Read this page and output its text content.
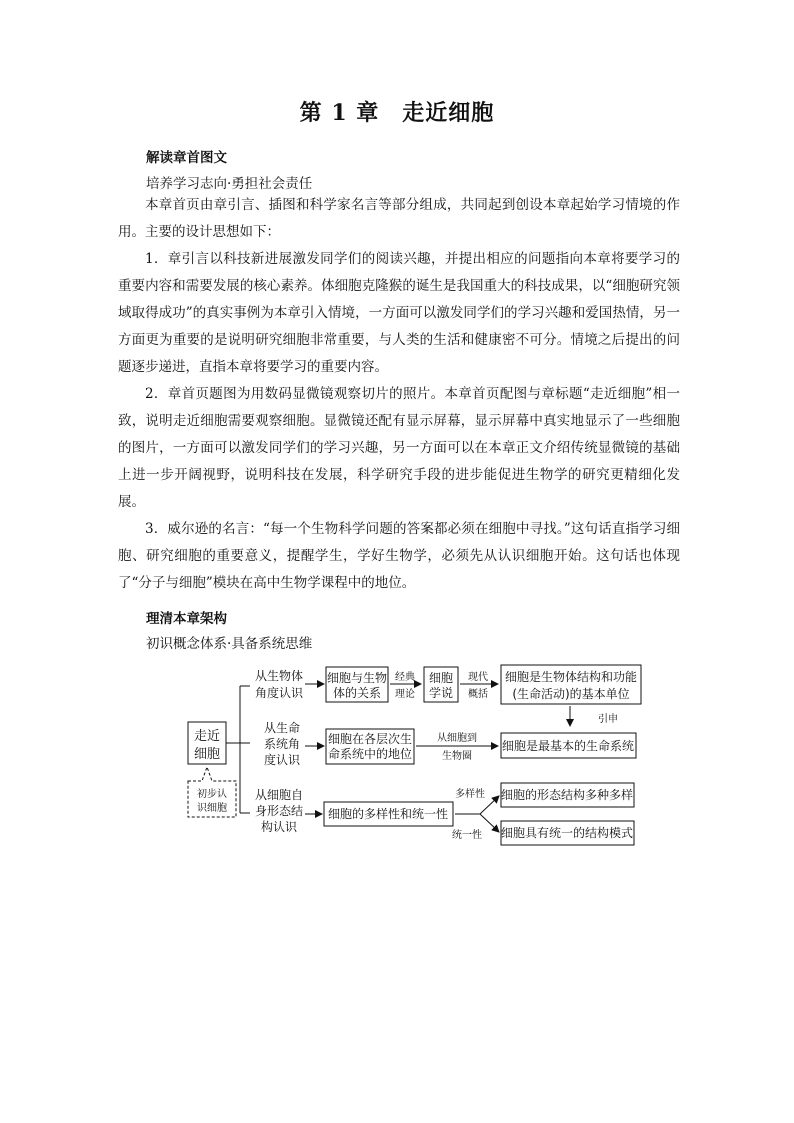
第 1 章　走近细胞
解读章首图文
培养学习志向·勇担社会责任

本章首页由章引言、插图和科学家名言等部分组成，共同起到创设本章起始学习情境的作用。主要的设计思想如下：

1．章引言以科技新进展激发同学们的阅读兴趣，并提出相应的问题指向本章将要学习的重要内容和需要发展的核心素养。体细胞克隆猴的诞生是我国重大的科技成果，以“细胞研究领域取得成功”的真实事例为本章引入情境，一方面可以激发同学们的学习兴趣和爱国热情，另一方面更为重要的是说明研究细胞非常重要，与人类的生活和健康密不可分。情境之后提出的问题逐步递进，直指本章将要学习的重要内容。

2．章首页题图为用数码显微镜观察切片的照片。本章首页配图与章标题“走近细胞”相一致，说明走近细胞需要观察细胞。显微镜还配有显示屏幕，显示屏幕中真实地显示了一些细胞的图片，一方面可以激发同学们的学习兴趣，另一方面可以在本章正文介绍传统显微镜的基础上进一步开阔视野，说明科技在发展，科学研究手段的进步能促进生物学的研究更精细化发展。

3．威尔逊的名言：“每一个生物科学问题的答案都必须在细胞中寻找。”这句话直指学习细胞、研究细胞的重要意义，提醒学生，学好生物学，必须先从认识细胞开始。这句话也体现了“分子与细胞”模块在高中生物学课程中的地位。

理清本章架构
初识概念体系·具备系统思维
走近
细胞
初步认
识细胞
从生物体
角度认识
从生命
系统角
度认识
从细胞自
身形态结
构认识
细胞与生物
体的关系
经典
理论
细胞
学说
现代
概括
细胞是生物体结构和功能
(生命活动)的基本单位
引申
细胞在各层次生
命系统中的地位
从细胞到
生物圈
细胞是最基本的生命系统
细胞的多样性和统一性
多样性
统一性
细胞的形态结构多种多样
细胞具有统一的结构模式
